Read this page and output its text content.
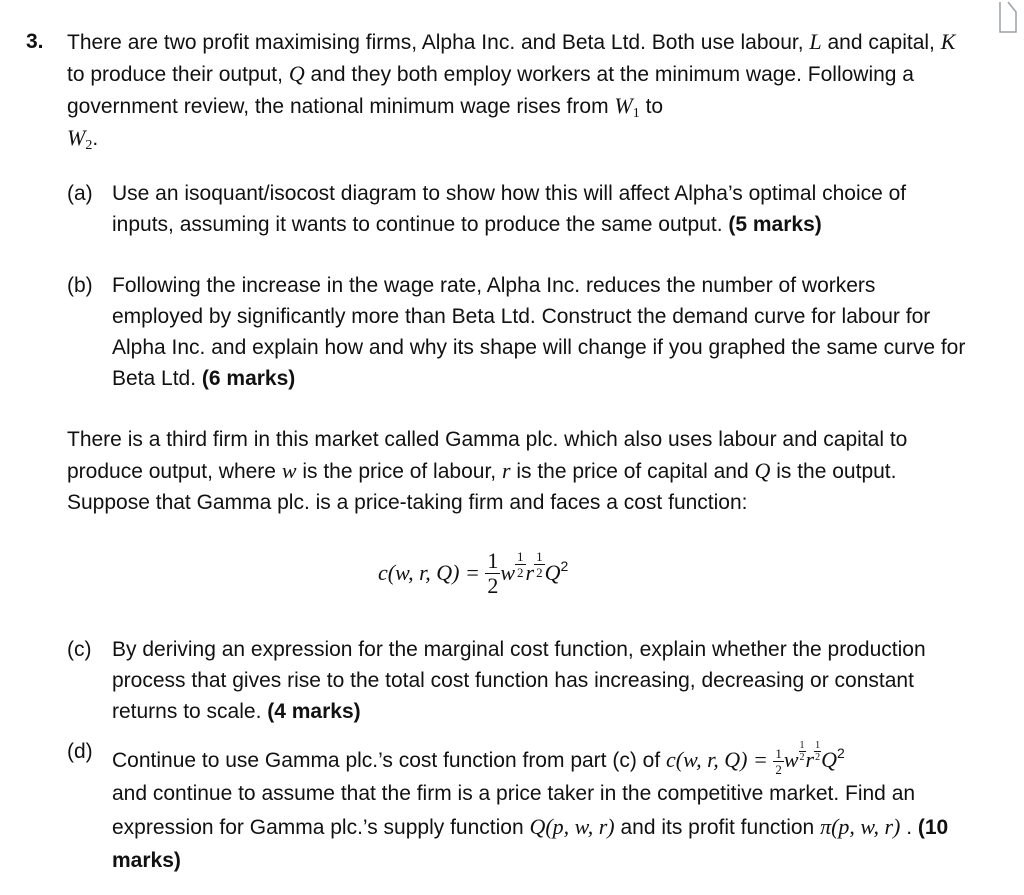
3. There are two profit maximising firms, Alpha Inc. and Beta Ltd. Both use labour, L and capital, K to produce their output, Q and they both employ workers at the minimum wage. Following a government review, the national minimum wage rises from $W_1$ to
$W_2$.
(a) Use an isoquant/isocost diagram to show how this will affect Alpha’s optimal choice of inputs, assuming it wants to continue to produce the same output. (5 marks)
(b) Following the increase in the wage rate, Alpha Inc. reduces the number of workers employed by significantly more than Beta Ltd. Construct the demand curve for labour for Alpha Inc. and explain how and why its shape will change if you graphed the same curve for Beta Ltd. (6 marks)
There is a third firm in this market called Gamma plc. which also uses labour and capital to produce output, where w is the price of labour, r is the price of capital and Q is the output. Suppose that Gamma plc. is a price-taking firm and faces a cost function:
c(w, r, $Q) = \frac{1}{2}$ w $\frac{1}{2}$ r $\frac{1}{2} Q^2$
(c) By deriving an expression for the marginal cost function, explain whether the production process that gives rise to the total cost function has increasing, decreasing or constant returns to scale. (4 marks)
(d) Continue to use Gamma plc.’s cost function from part (c) of c(w, r, $Q) = \frac{1}{2}$ w $\frac{1}{2}$ r $\frac{1}{2} Q^2$
and continue to assume that the firm is a price taker in the competitive market. Find an expression for Gamma plc.’s supply function Q(p, w, r) and its profit function π(p, w, r) . (10 marks)
